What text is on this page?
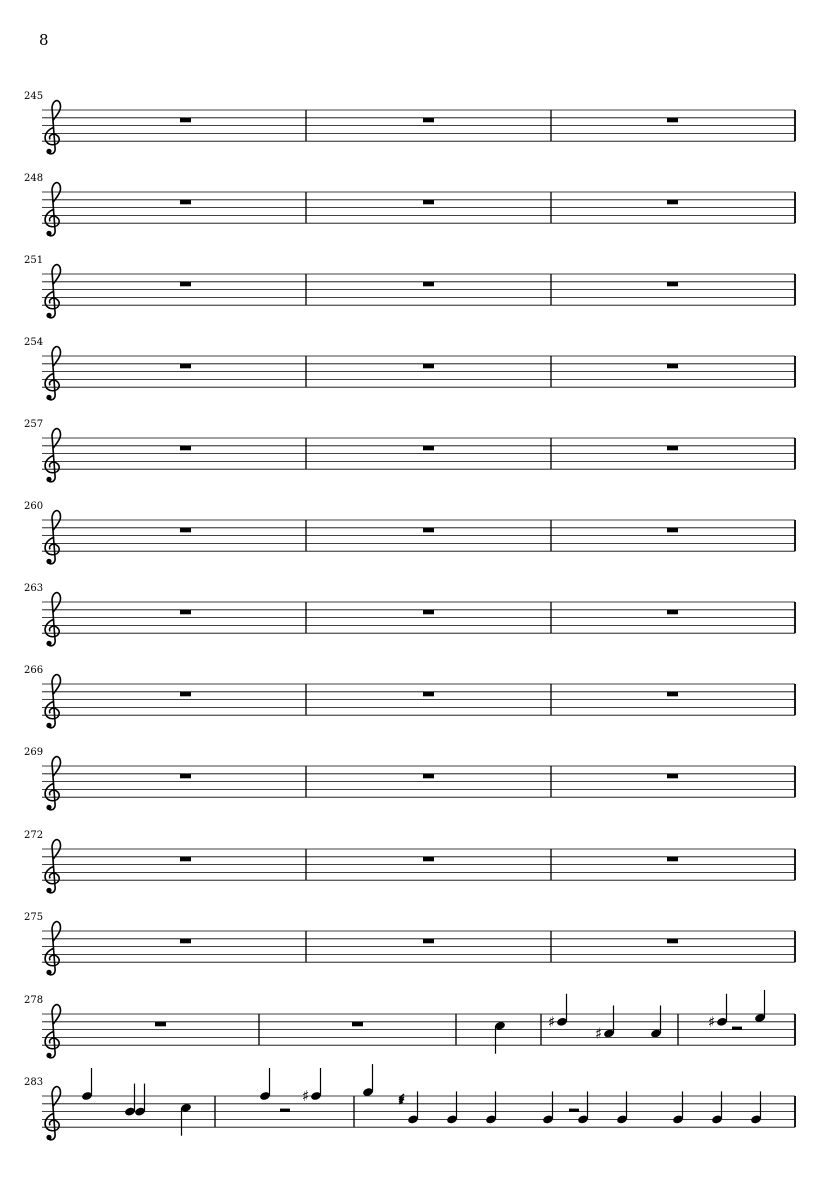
8
245
248
251
254
257
260
263
266
269
272
275
278
♯
♯
♯
283
♯
